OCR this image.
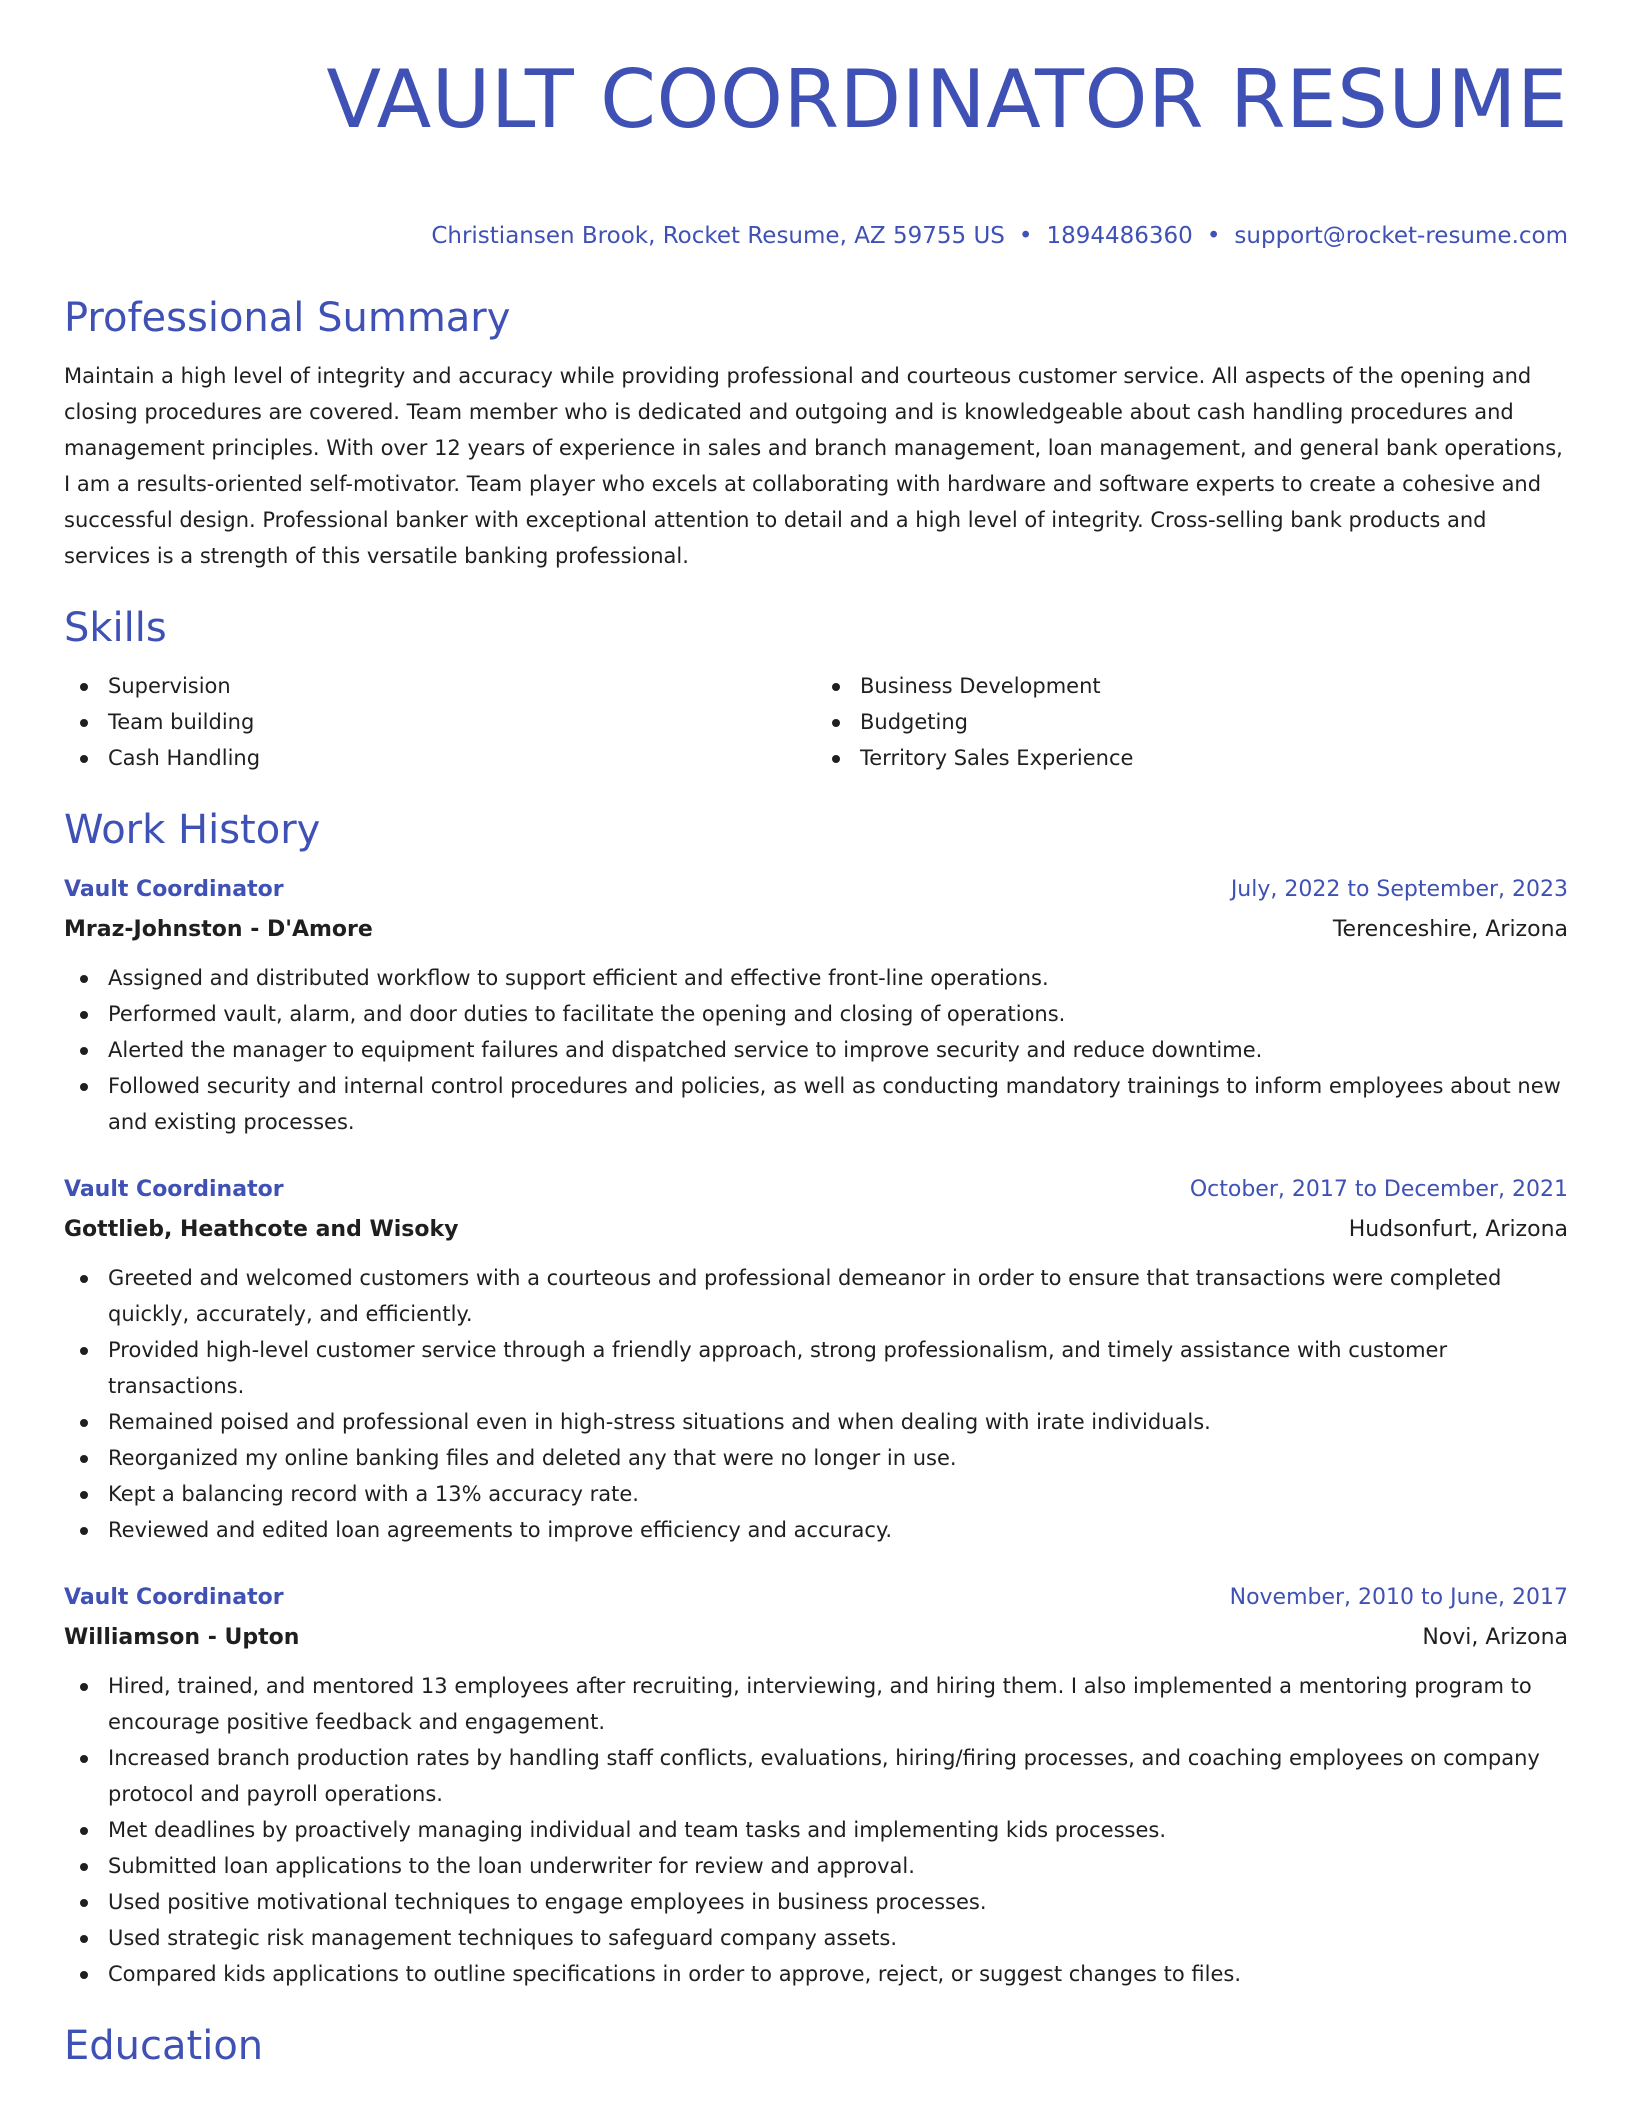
VAULT COORDINATOR RESUME
Christiansen Brook, Rocket Resume, AZ 59755 US • 1894486360 • support@rocket-resume.com
Professional Summary
Maintain a high level of integrity and accuracy while providing professional and courteous customer service. All aspects of the opening and closing procedures are covered. Team member who is dedicated and outgoing and is knowledgeable about cash handling procedures and management principles. With over 12 years of experience in sales and branch management, loan management, and general bank operations, I am a results-oriented self-motivator. Team player who excels at collaborating with hardware and software experts to create a cohesive and successful design. Professional banker with exceptional attention to detail and a high level of integrity. Cross-selling bank products and services is a strength of this versatile banking professional.
Skills
Supervision
Team building
Cash Handling
Business Development
Budgeting
Territory Sales Experience
Work History
Vault Coordinator	July, 2022 to September, 2023
Mraz-Johnston - D'Amore	Terenceshire, Arizona
Assigned and distributed workflow to support efficient and effective front-line operations.
Performed vault, alarm, and door duties to facilitate the opening and closing of operations.
Alerted the manager to equipment failures and dispatched service to improve security and reduce downtime.
Followed security and internal control procedures and policies, as well as conducting mandatory trainings to inform employees about new and existing processes.
Vault Coordinator	October, 2017 to December, 2021
Gottlieb, Heathcote and Wisoky	Hudsonfurt, Arizona
Greeted and welcomed customers with a courteous and professional demeanor in order to ensure that transactions were completed quickly, accurately, and efficiently.
Provided high-level customer service through a friendly approach, strong professionalism, and timely assistance with customer transactions.
Remained poised and professional even in high-stress situations and when dealing with irate individuals.
Reorganized my online banking files and deleted any that were no longer in use.
Kept a balancing record with a 13% accuracy rate.
Reviewed and edited loan agreements to improve efficiency and accuracy.
Vault Coordinator	November, 2010 to June, 2017
Williamson - Upton	Novi, Arizona
Hired, trained, and mentored 13 employees after recruiting, interviewing, and hiring them. I also implemented a mentoring program to encourage positive feedback and engagement.
Increased branch production rates by handling staff conflicts, evaluations, hiring/firing processes, and coaching employees on company protocol and payroll operations.
Met deadlines by proactively managing individual and team tasks and implementing kids processes.
Submitted loan applications to the loan underwriter for review and approval.
Used positive motivational techniques to engage employees in business processes.
Used strategic risk management techniques to safeguard company assets.
Compared kids applications to outline specifications in order to approve, reject, or suggest changes to files.
Education
